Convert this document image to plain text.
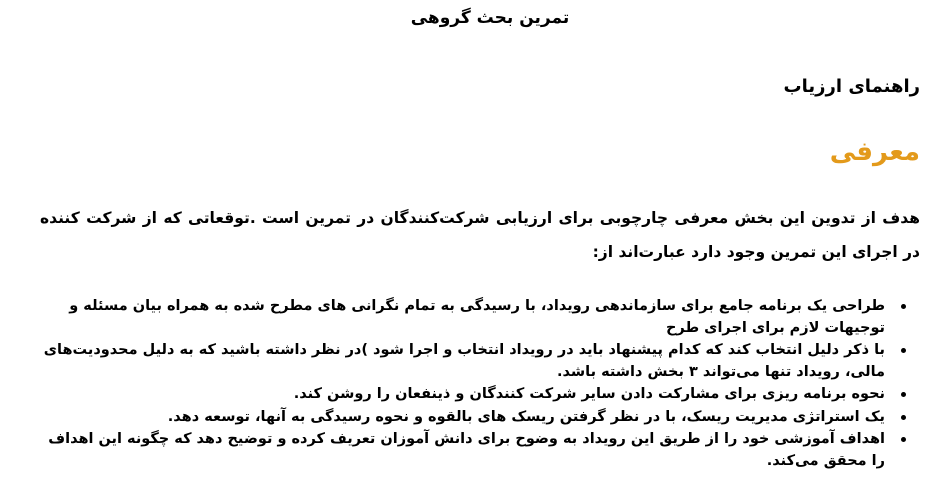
تمرین بحث گروهی
راهنمای ارزیاب
معرفی

هدف از تدوین این بخش معرفی چارچوبی برای ارزیابی شرکت‌کنندگان در تمرین است .توقعاتی که از شرکت کننده در اجرای این تمرین وجود دارد عبارت‌اند از:

طراحی یک برنامه جامع برای سازماندهی رویداد، با رسیدگی به تمام نگرانی های مطرح شده به همراه بیان مسئله و توجیهات لازم برای اجرای طرح
با ذکر دلیل انتخاب کند که کدام پیشنهاد باید در رویداد انتخاب و اجرا شود )در نظر داشته باشید که به دلیل محدودیت‌های مالی، رویداد تنها می‌تواند ۳ بخش داشته باشد.
نحوه برنامه ریزی برای مشارکت دادن سایر شرکت کنندگان و ذینفعان را روشن کند.
یک استراتژی مدیریت ریسک، با در نظر گرفتن ریسک های بالقوه و نحوه رسیدگی به آنها، توسعه دهد.
اهداف آموزشی خود را از طریق این رویداد به وضوح برای دانش آموزان تعریف کرده و توضیح دهد که چگونه این اهداف را محقق می‌کند.
